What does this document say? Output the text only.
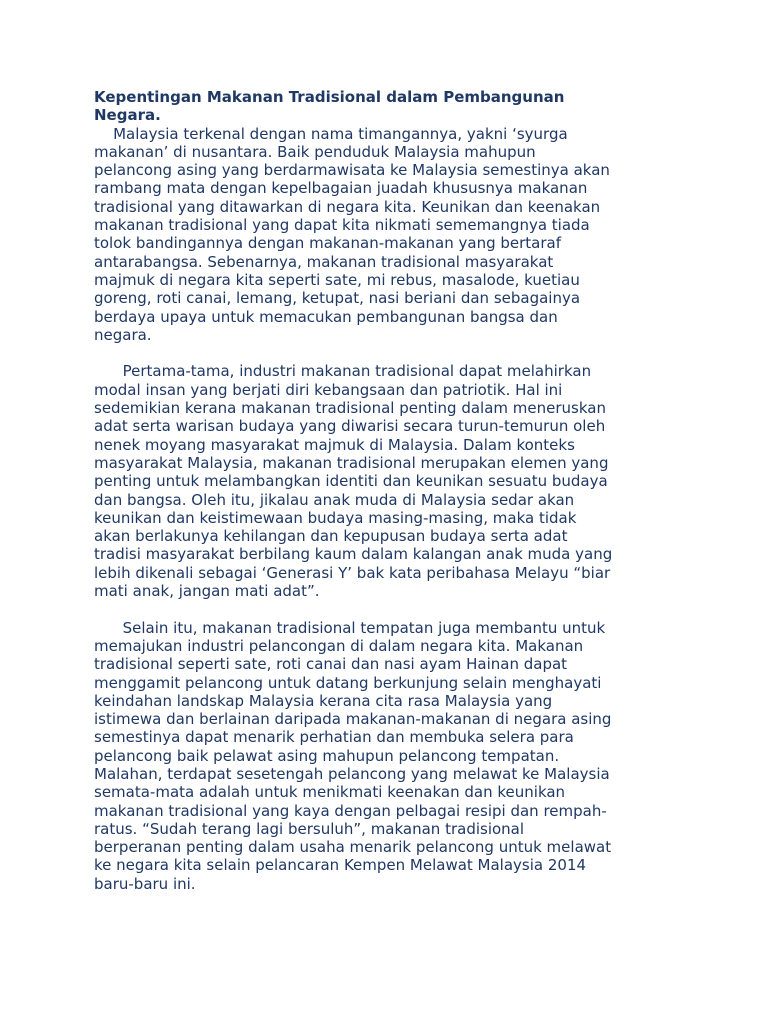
Kepentingan Makanan Tradisional dalam Pembangunan
Negara.
Malaysia terkenal dengan nama timangannya, yakni ‘syurga
makanan’ di nusantara. Baik penduduk Malaysia mahupun
pelancong asing yang berdarmawisata ke Malaysia semestinya akan
rambang mata dengan kepelbagaian juadah khususnya makanan
tradisional yang ditawarkan di negara kita. Keunikan dan keenakan
makanan tradisional yang dapat kita nikmati sememangnya tiada
tolok bandingannya dengan makanan-makanan yang bertaraf
antarabangsa. Sebenarnya, makanan tradisional masyarakat
majmuk di negara kita seperti sate, mi rebus, masalode, kuetiau
goreng, roti canai, lemang, ketupat, nasi beriani dan sebagainya
berdaya upaya untuk memacukan pembangunan bangsa dan
negara.
Pertama-tama, industri makanan tradisional dapat melahirkan
modal insan yang berjati diri kebangsaan dan patriotik. Hal ini
sedemikian kerana makanan tradisional penting dalam meneruskan
adat serta warisan budaya yang diwarisi secara turun-temurun oleh
nenek moyang masyarakat majmuk di Malaysia. Dalam konteks
masyarakat Malaysia, makanan tradisional merupakan elemen yang
penting untuk melambangkan identiti dan keunikan sesuatu budaya
dan bangsa. Oleh itu, jikalau anak muda di Malaysia sedar akan
keunikan dan keistimewaan budaya masing-masing, maka tidak
akan berlakunya kehilangan dan kepupusan budaya serta adat
tradisi masyarakat berbilang kaum dalam kalangan anak muda yang
lebih dikenali sebagai ‘Generasi Y’ bak kata peribahasa Melayu “biar
mati anak, jangan mati adat”.
Selain itu, makanan tradisional tempatan juga membantu untuk
memajukan industri pelancongan di dalam negara kita. Makanan
tradisional seperti sate, roti canai dan nasi ayam Hainan dapat
menggamit pelancong untuk datang berkunjung selain menghayati
keindahan landskap Malaysia kerana cita rasa Malaysia yang
istimewa dan berlainan daripada makanan-makanan di negara asing
semestinya dapat menarik perhatian dan membuka selera para
pelancong baik pelawat asing mahupun pelancong tempatan.
Malahan, terdapat sesetengah pelancong yang melawat ke Malaysia
semata-mata adalah untuk menikmati keenakan dan keunikan
makanan tradisional yang kaya dengan pelbagai resipi dan rempah-
ratus. “Sudah terang lagi bersuluh”, makanan tradisional
berperanan penting dalam usaha menarik pelancong untuk melawat
ke negara kita selain pelancaran Kempen Melawat Malaysia 2014
baru-baru ini.
